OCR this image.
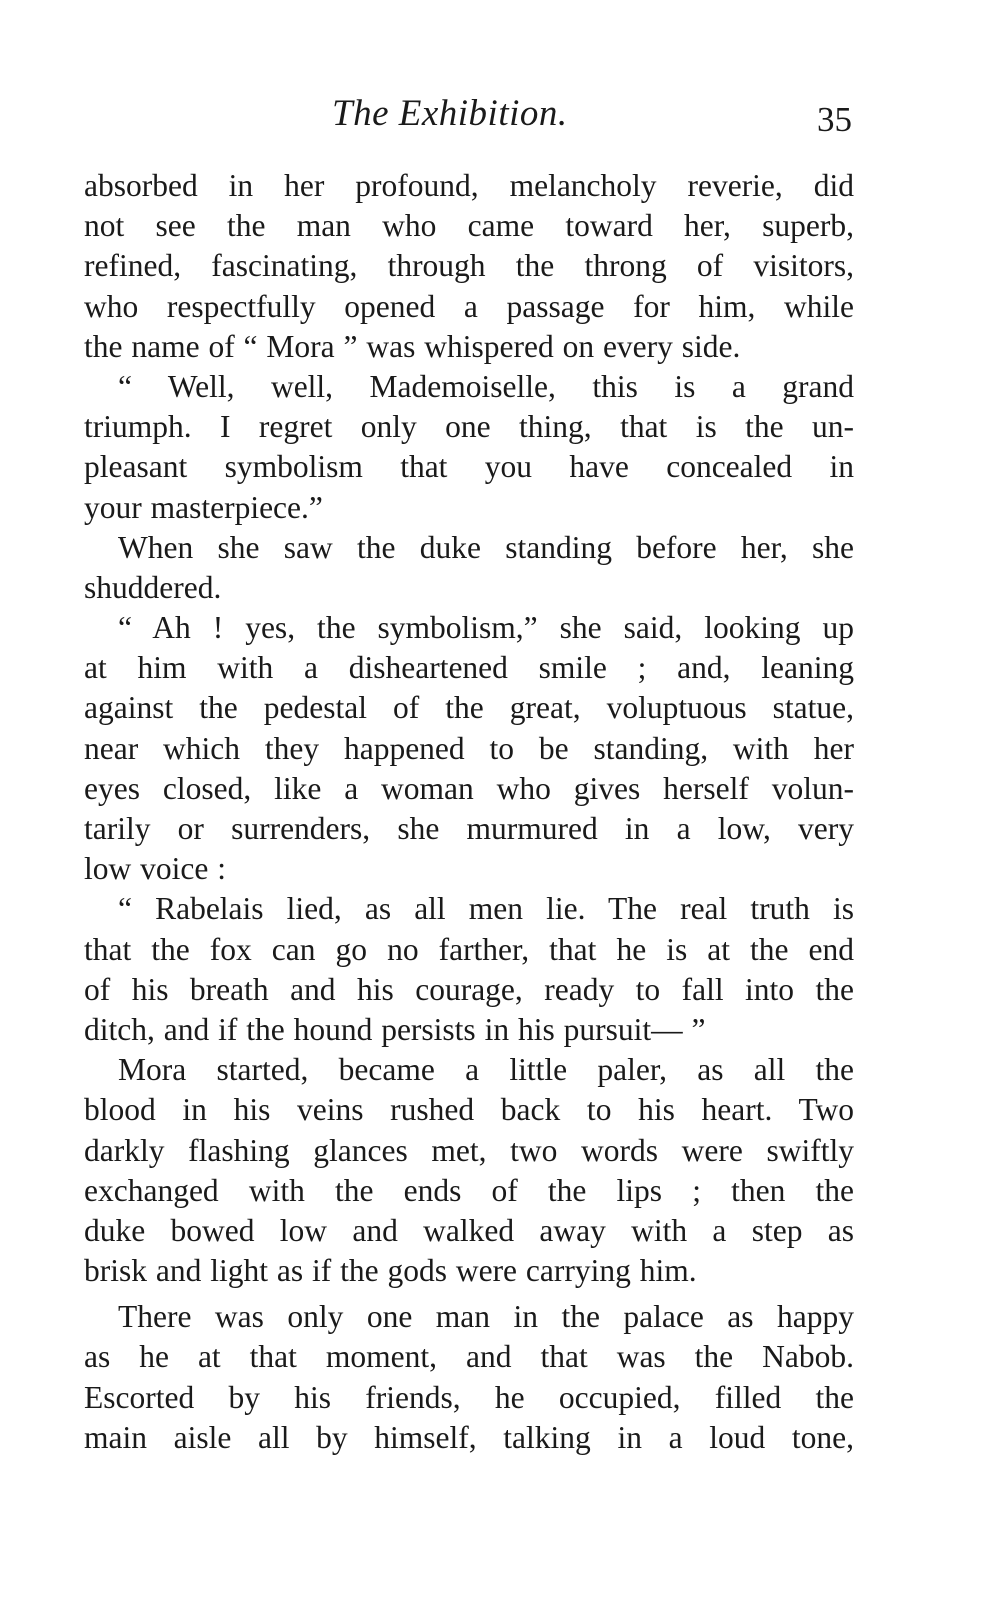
The Exhibition.	35
absorbed in her profound, melancholy reverie, did
not see the man who came toward her, superb,
refined, fascinating, through the throng of visitors,
who respectfully opened a passage for him, while
the name of “ Mora ” was whispered on every side.
“ Well, well, Mademoiselle, this is a grand
triumph. I regret only one thing, that is the un-
pleasant symbolism that you have concealed in
your masterpiece.”
When she saw the duke standing before her, she
shuddered.
“ Ah ! yes, the symbolism,” she said, looking up
at him with a disheartened smile ; and, leaning
against the pedestal of the great, voluptuous statue,
near which they happened to be standing, with her
eyes closed, like a woman who gives herself volun-
tarily or surrenders, she murmured in a low, very
low voice :
“ Rabelais lied, as all men lie. The real truth is
that the fox can go no farther, that he is at the end
of his breath and his courage, ready to fall into the
ditch, and if the hound persists in his pursuit— ”
Mora started, became a little paler, as all the
blood in his veins rushed back to his heart. Two
darkly flashing glances met, two words were swiftly
exchanged with the ends of the lips ; then the
duke bowed low and walked away with a step as
brisk and light as if the gods were carrying him.
There was only one man in the palace as happy
as he at that moment, and that was the Nabob.
Escorted by his friends, he occupied, filled the
main aisle all by himself, talking in a loud tone,
